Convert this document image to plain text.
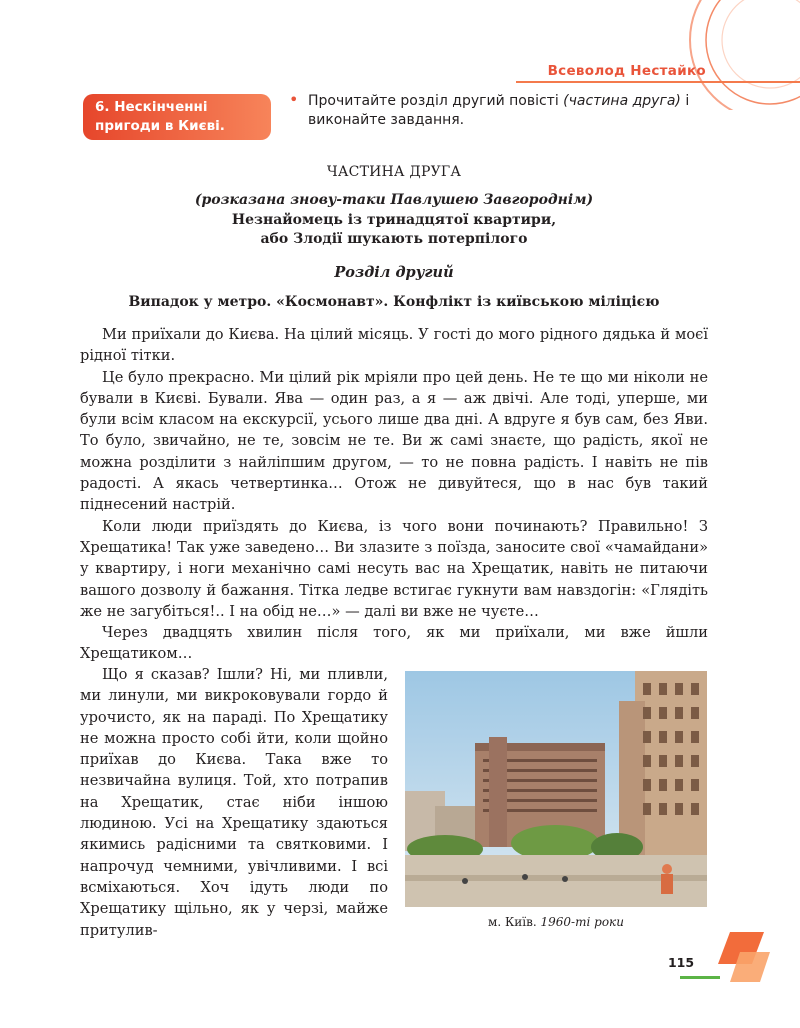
Всеволод Нестайко
6. Нескінченні
пригоди в Києві.
• Прочитайте розділ другий повісті (частина друга) і виконайте завдання.
ЧАСТИНА ДРУГА
(розказана знову-таки Павлушею Завгороднім)
Незнайомець із тринадцятої квартири,
або Злодії шукають потерпілого
Розділ другий
Випадок у метро. «Космонавт». Конфлікт із київською міліцією

Ми приїхали до Києва. На цілий місяць. У гості до мого рідного дядька й моєї рідної тітки.

Це було прекрасно. Ми цілий рік мріяли про цей день. Не те що ми ніколи не бували в Києві. Бували. Ява — один раз, а я — аж двічі. Але тоді, уперше, ми були всім класом на екскурсії, усього лише два дні. А вдруге я був сам, без Яви. То було, звичайно, не те, зовсім не те. Ви ж самі знаєте, що радість, якої не можна розділити з найліпшим другом, — то не повна радість. І навіть не пів радості. А якась четвертинка… Отож не дивуйтеся, що в нас був такий піднесений настрій.

Коли люди приїздять до Києва, із чого вони починають? Правильно! З Хрещатика! Так уже заведено… Ви злазите з поїзда, заносите свої «чамайдани» у квартиру, і ноги механічно самі несуть вас на Хрещатик, навіть не питаючи вашого дозволу й бажання. Тітка ледве встигає гукнути вам навздогін: «Глядіть же не загубіться!.. І на обід не…» — далі ви вже не чуєте…

Через двадцять хвилин після того, як ми приїхали, ми вже йшли Хрещатиком…

Що я сказав? Ішли? Ні, ми пливли, ми линули, ми викроковували гордо й урочисто, як на параді. По Хрещатику не можна просто собі йти, коли щойно приїхав до Києва. Така вже то незвичайна вулиця. Той, хто потрапив на Хрещатик, стає ніби іншою людиною. Усі на Хрещатику здаються якимись радісними та святковими. І напрочуд чемними, увічливими. І всі всміхаються. Хоч ідуть люди по Хрещатику щільно, як у черзі, майже притулив-	м. Київ. 1960-ті роки
115
